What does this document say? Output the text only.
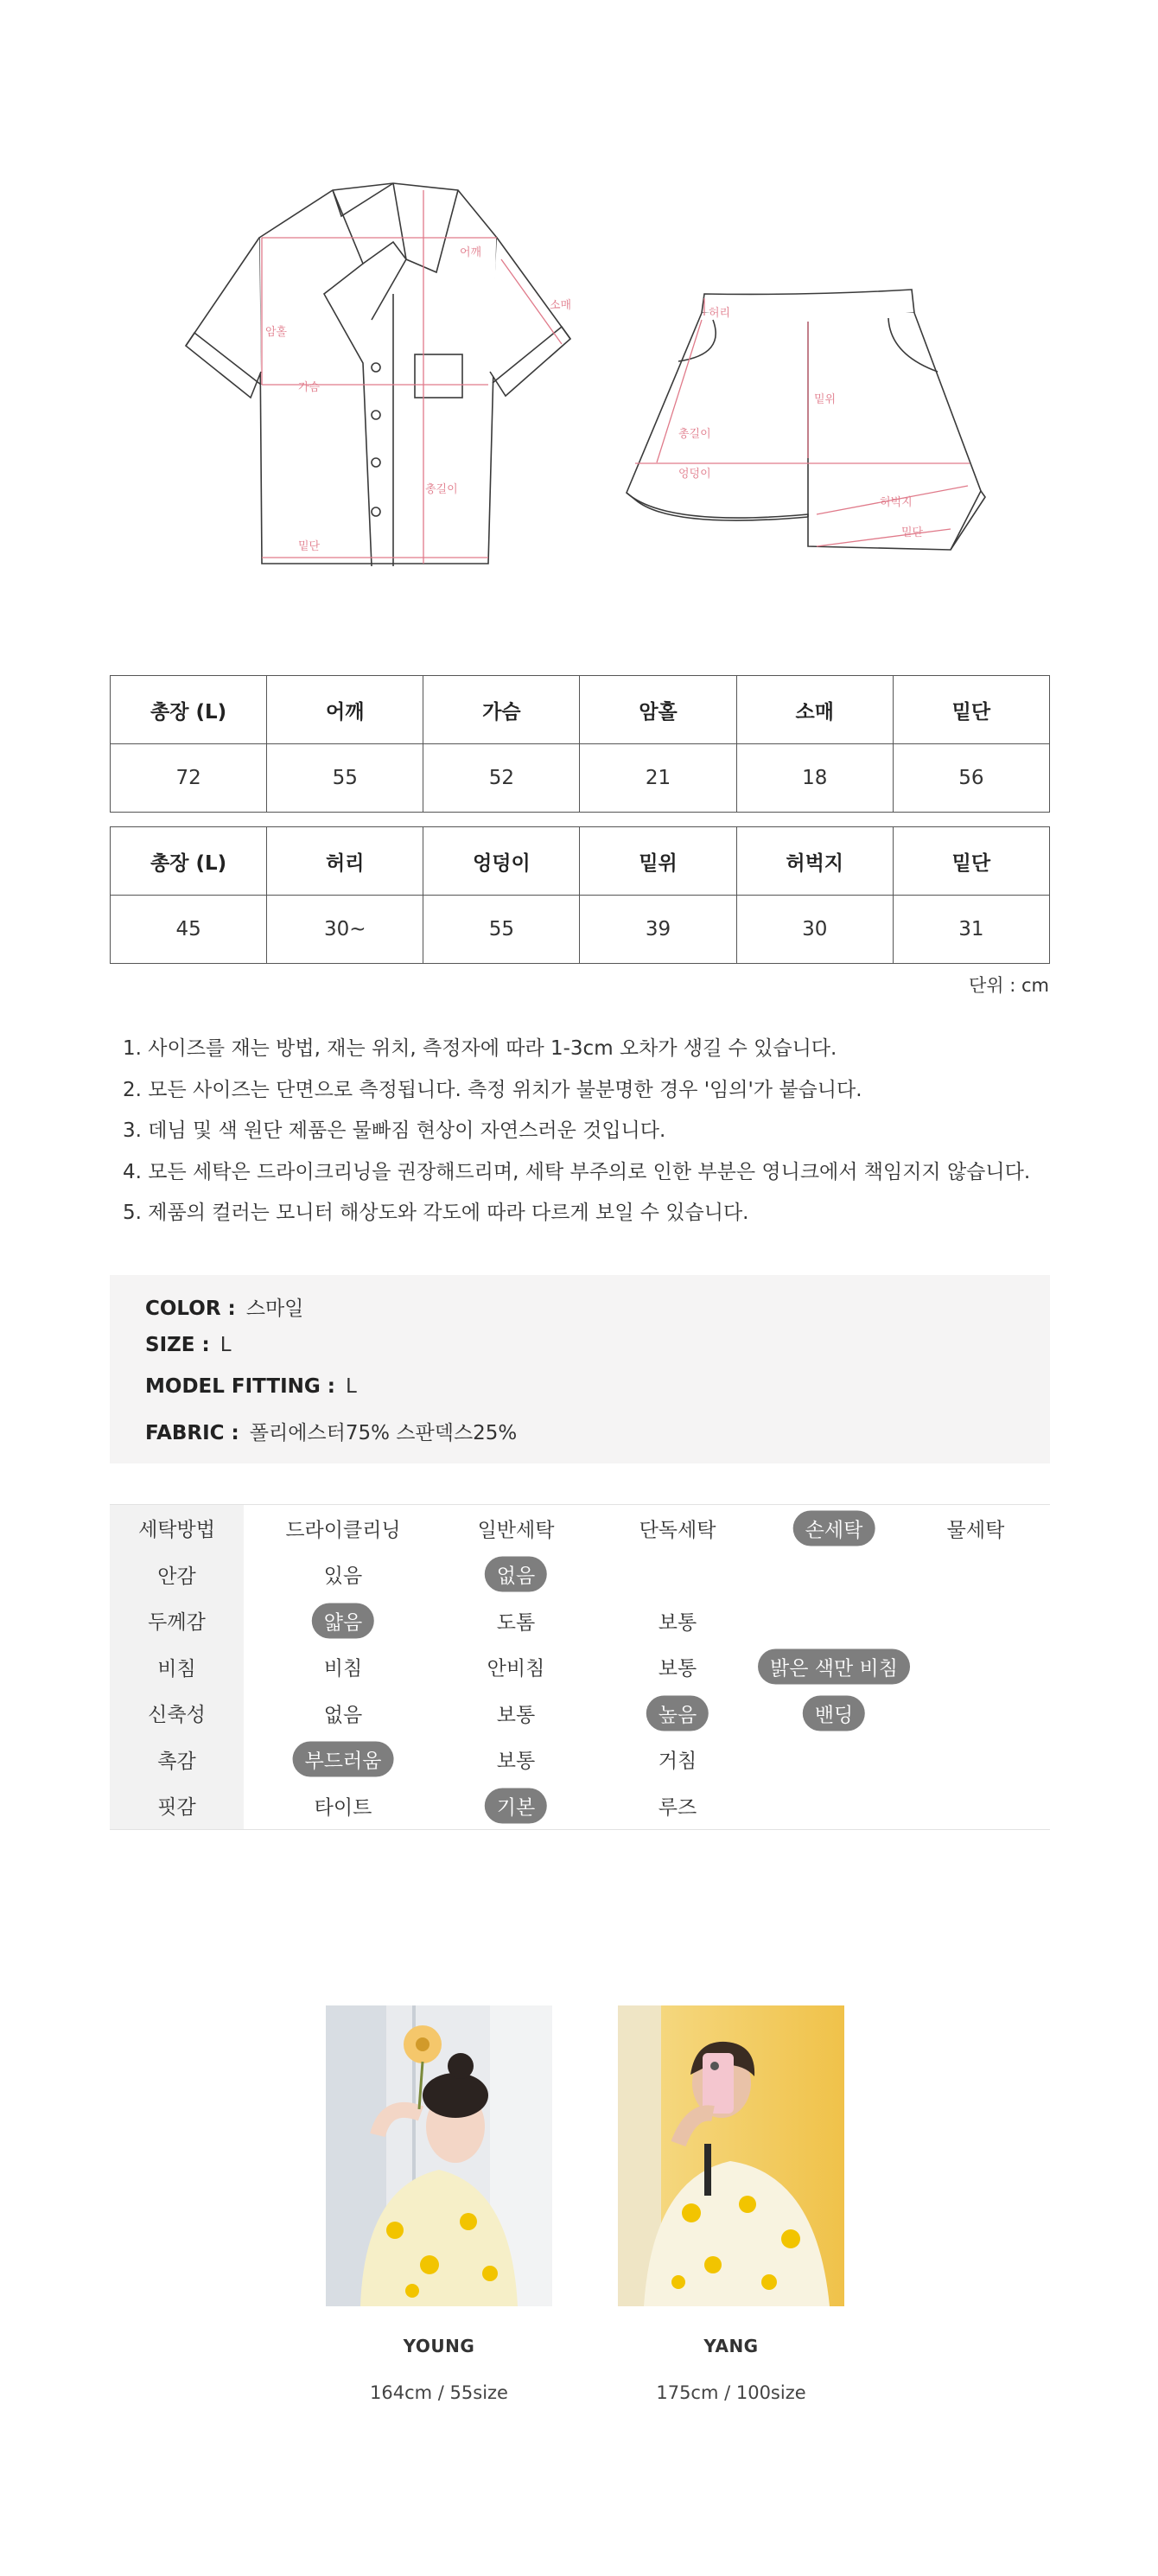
어깨
소매
암홀
가슴
총길이
밑단
허리
밑위
총길이
엉덩이
허벅지
밑단
총장 (L)	어깨	가슴	암홀	소매	밑단
72	55	52	21	18	56
총장 (L)	허리	엉덩이	밑위	허벅지	밑단
45	30~	55	39	30	31
단위 : cm
1. 사이즈를 재는 방법, 재는 위치, 측정자에 따라 1-3cm 오차가 생길 수 있습니다.
2. 모든 사이즈는 단면으로 측정됩니다. 측정 위치가 불분명한 경우 '임의'가 붙습니다.
3. 데님 및 색 원단 제품은 물빠짐 현상이 자연스러운 것입니다.
4. 모든 세탁은 드라이크리닝을 권장해드리며, 세탁 부주의로 인한 부분은 영니크에서 책임지지 않습니다.
5. 제품의 컬러는 모니터 해상도와 각도에 따라 다르게 보일 수 있습니다.
COLOR : 스마일
SIZE : L
MODEL FITTING : L
FABRIC : 폴리에스터75% 스판덱스25%
세탁방법	드라이클리닝	일반세탁	단독세탁	손세탁	물세탁
안감	있음	없음
두께감	얇음	도톰	보통
비침	비침	안비침	보통	밝은 색만 비침
신축성	없음	보통	높음	밴딩
촉감	부드러움	보통	거침
핏감	타이트	기본	루즈
YOUNG
164cm / 55size
YANG
175cm / 100size
